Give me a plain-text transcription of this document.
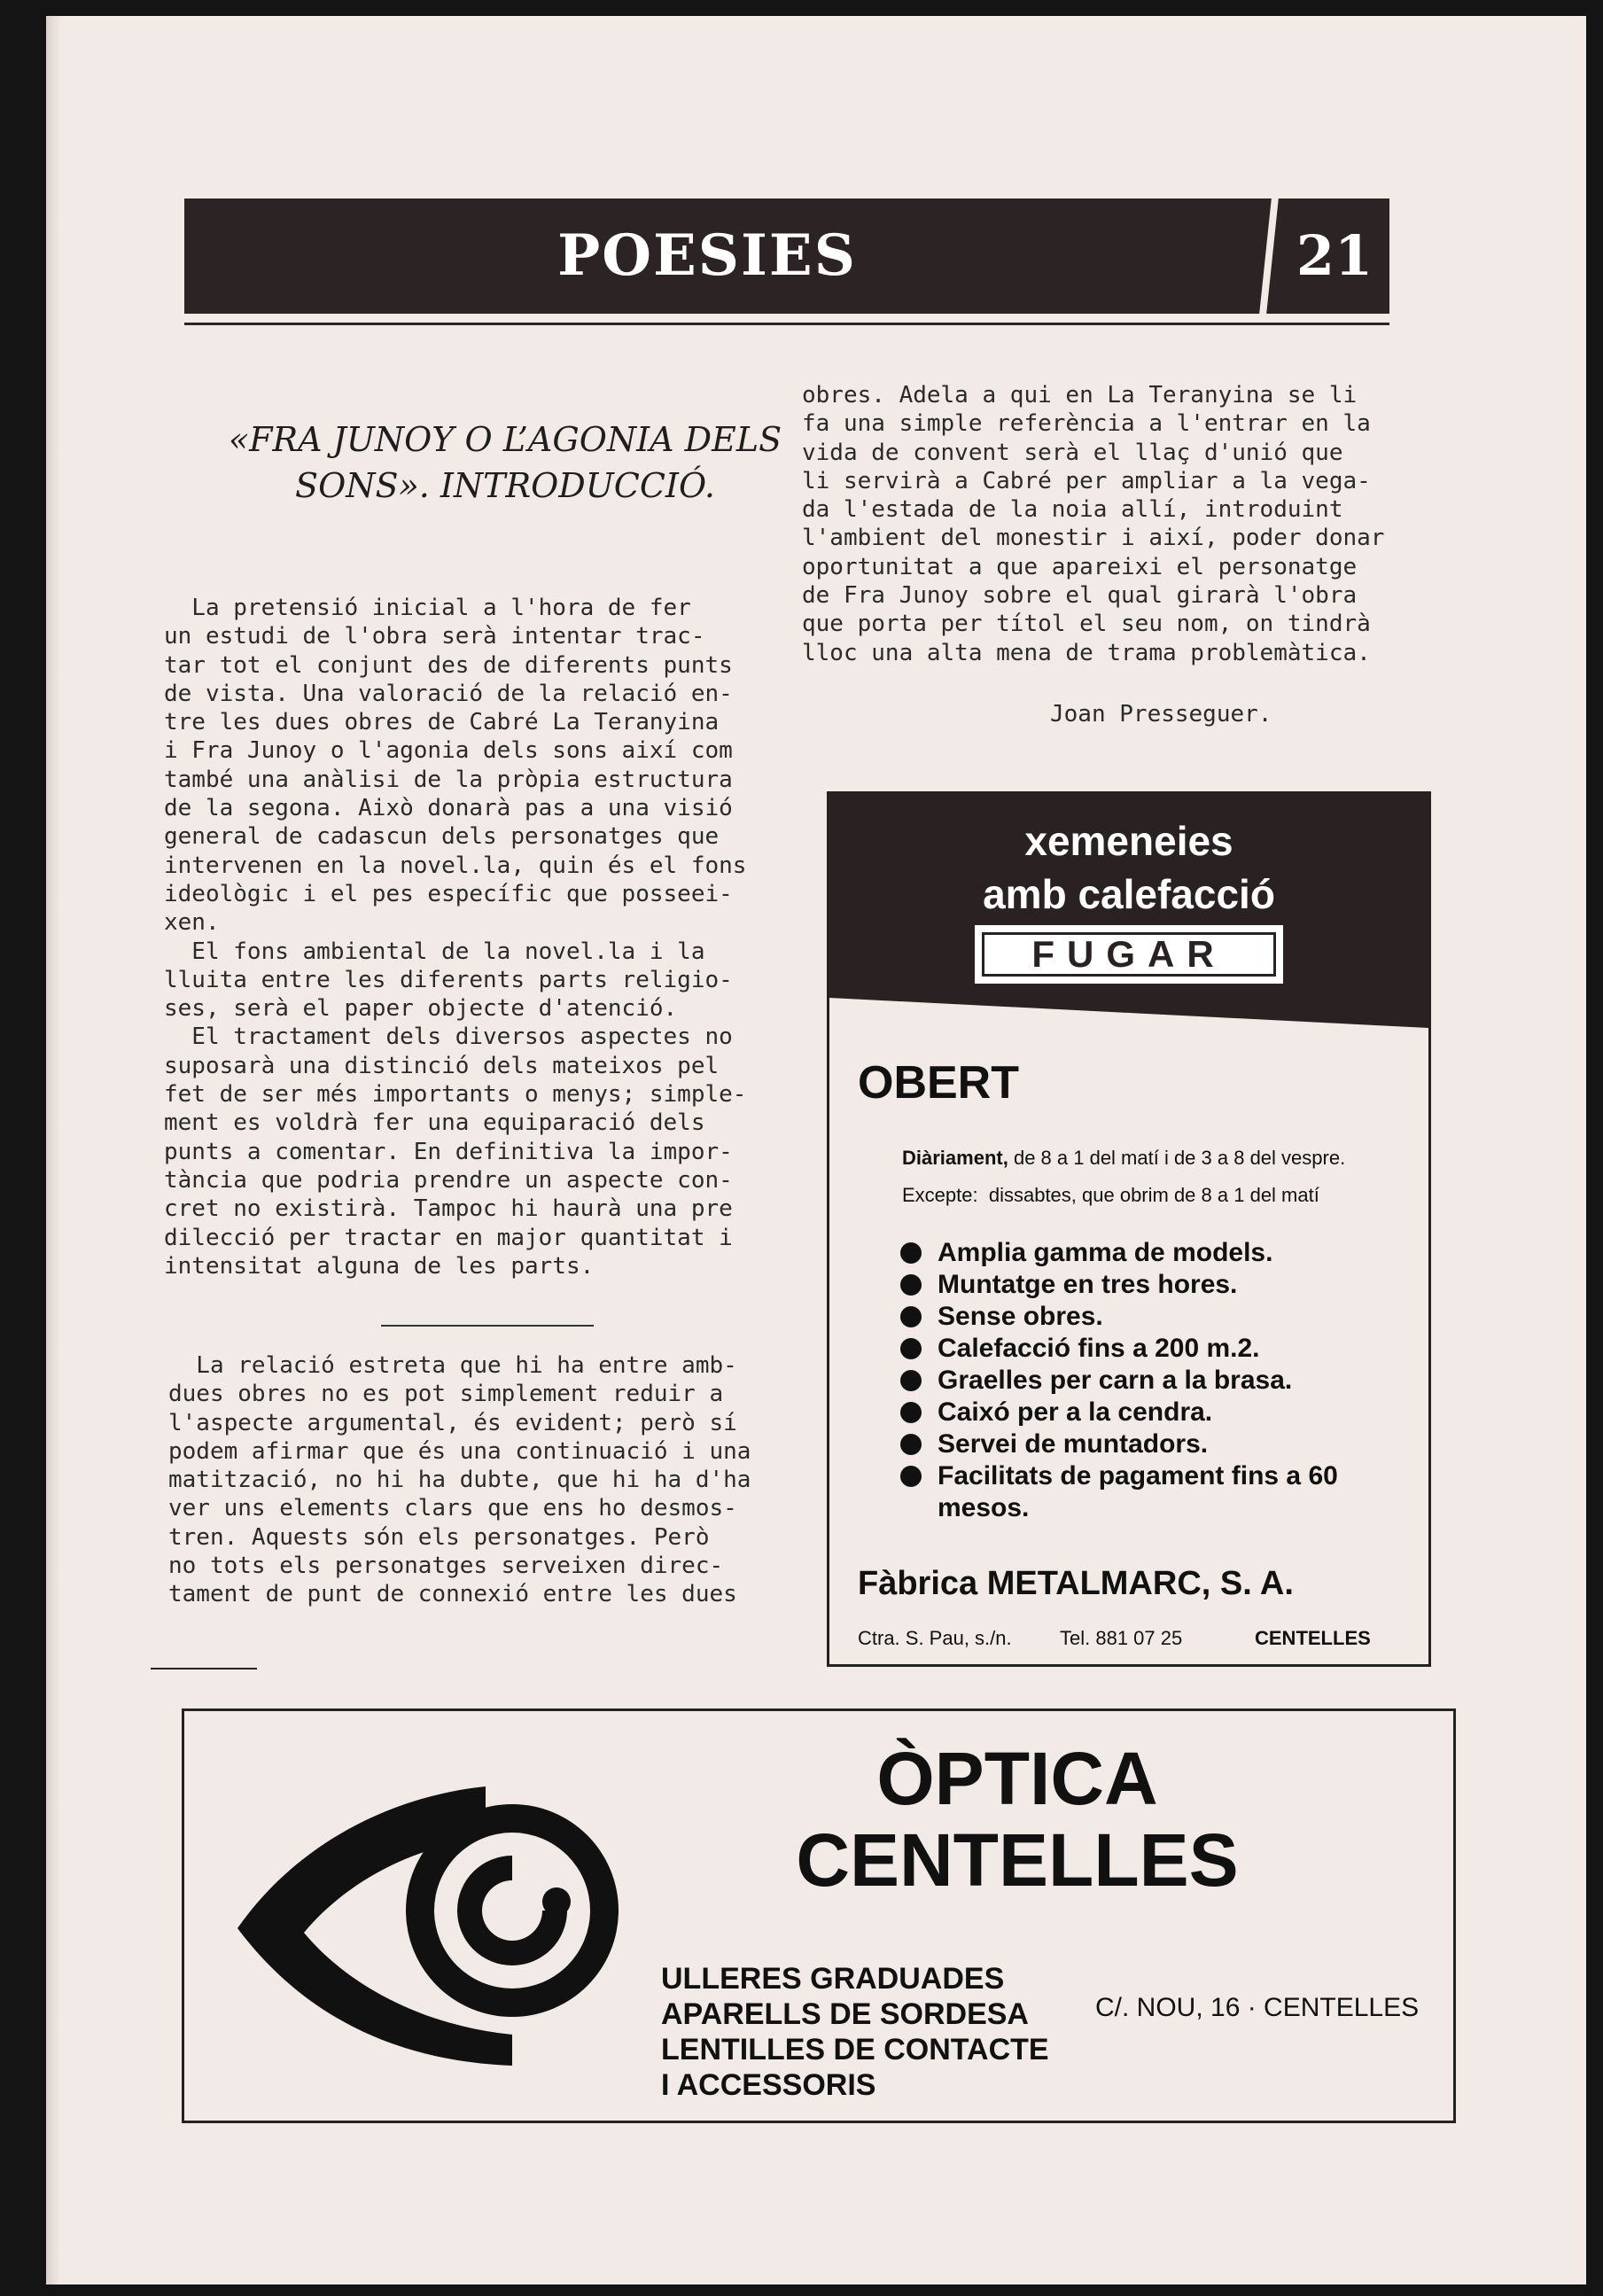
POESIES	21
«FRA JUNOY O L’AGONIA DELS SONS». INTRODUCCIÓ.
La pretensió inicial a l'hora de fer
un estudi de l'obra serà intentar trac-
tar tot el conjunt des de diferents punts
de vista. Una valoració de la relació en-
tre les dues obres de Cabré La Teranyina
i Fra Junoy o l'agonia dels sons així com
també una anàlisi de la pròpia estructura
de la segona. Això donarà pas a una visió
general de cadascun dels personatges que
intervenen en la novel.la, quin és el fons
ideològic i el pes específic que posseei-
xen.
El fons ambiental de la novel.la i la
lluita entre les diferents parts religio-
ses, serà el paper objecte d'atenció.
El tractament dels diversos aspectes no
suposarà una distinció dels mateixos pel
fet de ser més importants o menys; simple-
ment es voldrà fer una equiparació dels
punts a comentar. En definitiva la impor-
tància que podria prendre un aspecte con-
cret no existirà. Tampoc hi haurà una pre
dilecció per tractar en major quantitat i
intensitat alguna de les parts.
La relació estreta que hi ha entre amb-
dues obres no es pot simplement reduir a
l'aspecte argumental, és evident; però sí
podem afirmar que és una continuació i una
matització, no hi ha dubte, que hi ha d'ha
ver uns elements clars que ens ho desmos-
tren. Aquests són els personatges. Però
no tots els personatges serveixen direc-
tament de punt de connexió entre les dues
obres. Adela a qui en La Teranyina se li
fa una simple referència a l'entrar en la
vida de convent serà el llaç d'unió que
li servirà a Cabré per ampliar a la vega-
da l'estada de la noia allí, introduint
l'ambient del monestir i així, poder donar
oportunitat a que apareixi el personatge
de Fra Junoy sobre el qual girarà l'obra
que porta per títol el seu nom, on tindrà
lloc una alta mena de trama problemàtica.
Joan Presseguer.
xemeneies
amb calefacció
FUGAR
OBERT
Diàriament, de 8 a 1 del matí i de 3 a 8 del vespre.
Excepte: dissabtes, que obrim de 8 a 1 del matí
Amplia gamma de models.
Muntatge en tres hores.
Sense obres.
Calefacció fins a 200 m.2.
Graelles per carn a la brasa.
Caixó per a la cendra.
Servei de muntadors.
Facilitats de pagament fins a 60 mesos.
Fàbrica METALMARC, S. A.
Ctra. S. Pau, s./n. Tel. 881 07 25	CENTELLES
ÒPTICA
CENTELLES
ULLERES GRADUADES
APARELLS DE SORDESA
LENTILLES DE CONTACTE
I ACCESSORIS
C/. NOU, 16 · CENTELLES
